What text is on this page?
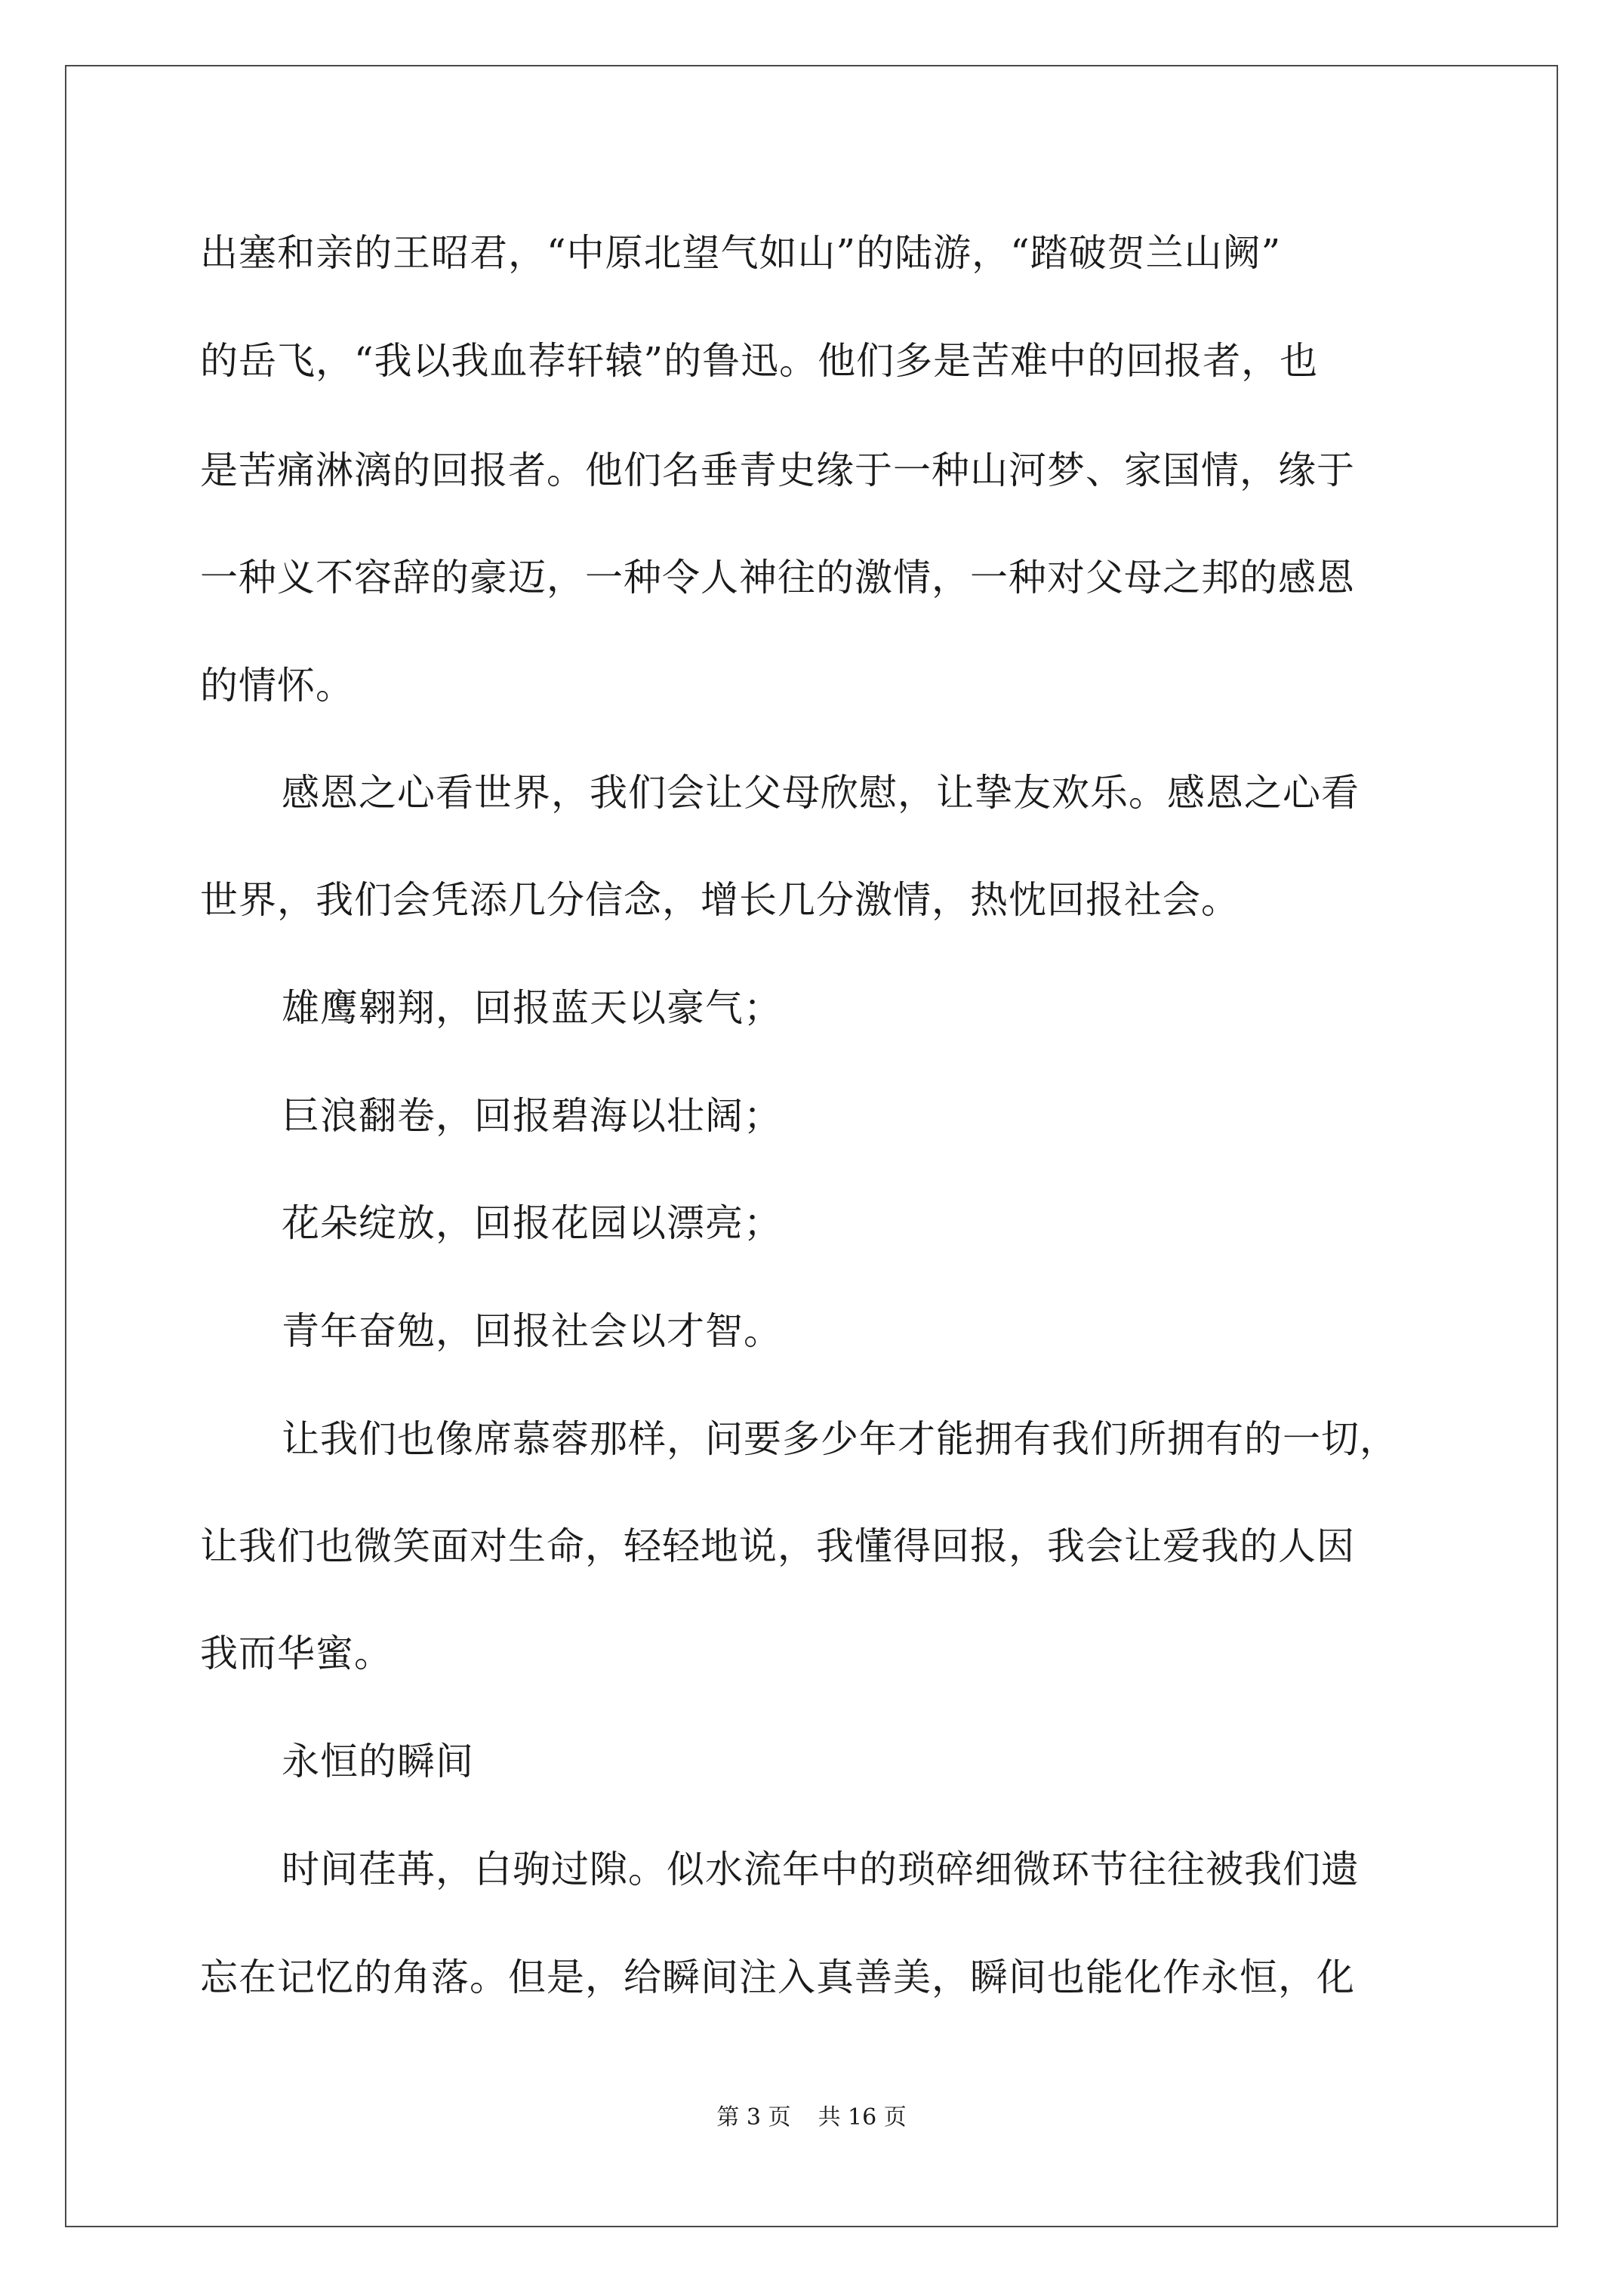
出塞和亲的王昭君，“中原北望气如山”的陆游，“踏破贺兰山阙”
的岳飞，“我以我血荐轩辕”的鲁迅。他们多是苦难中的回报者，也
是苦痛淋漓的回报者。他们名垂青史缘于一种山河梦、家国情，缘于
一种义不容辞的豪迈，一种令人神往的激情，一种对父母之邦的感恩
的情怀。
感恩之心看世界，我们会让父母欣慰，让挚友欢乐。感恩之心看
世界，我们会凭添几分信念，增长几分激情，热忱回报社会。
雄鹰翱翔，回报蓝天以豪气；
巨浪翻卷，回报碧海以壮阔；
花朵绽放，回报花园以漂亮；
青年奋勉，回报社会以才智。
让我们也像席慕蓉那样，问要多少年才能拥有我们所拥有的一切，
让我们也微笑面对生命，轻轻地说，我懂得回报，我会让爱我的人因
我而华蜜。
永恒的瞬间
时间荏苒，白驹过隙。似水流年中的琐碎细微环节往往被我们遗
忘在记忆的角落。但是，给瞬间注入真善美，瞬间也能化作永恒，化
第 3 页 共 16 页
